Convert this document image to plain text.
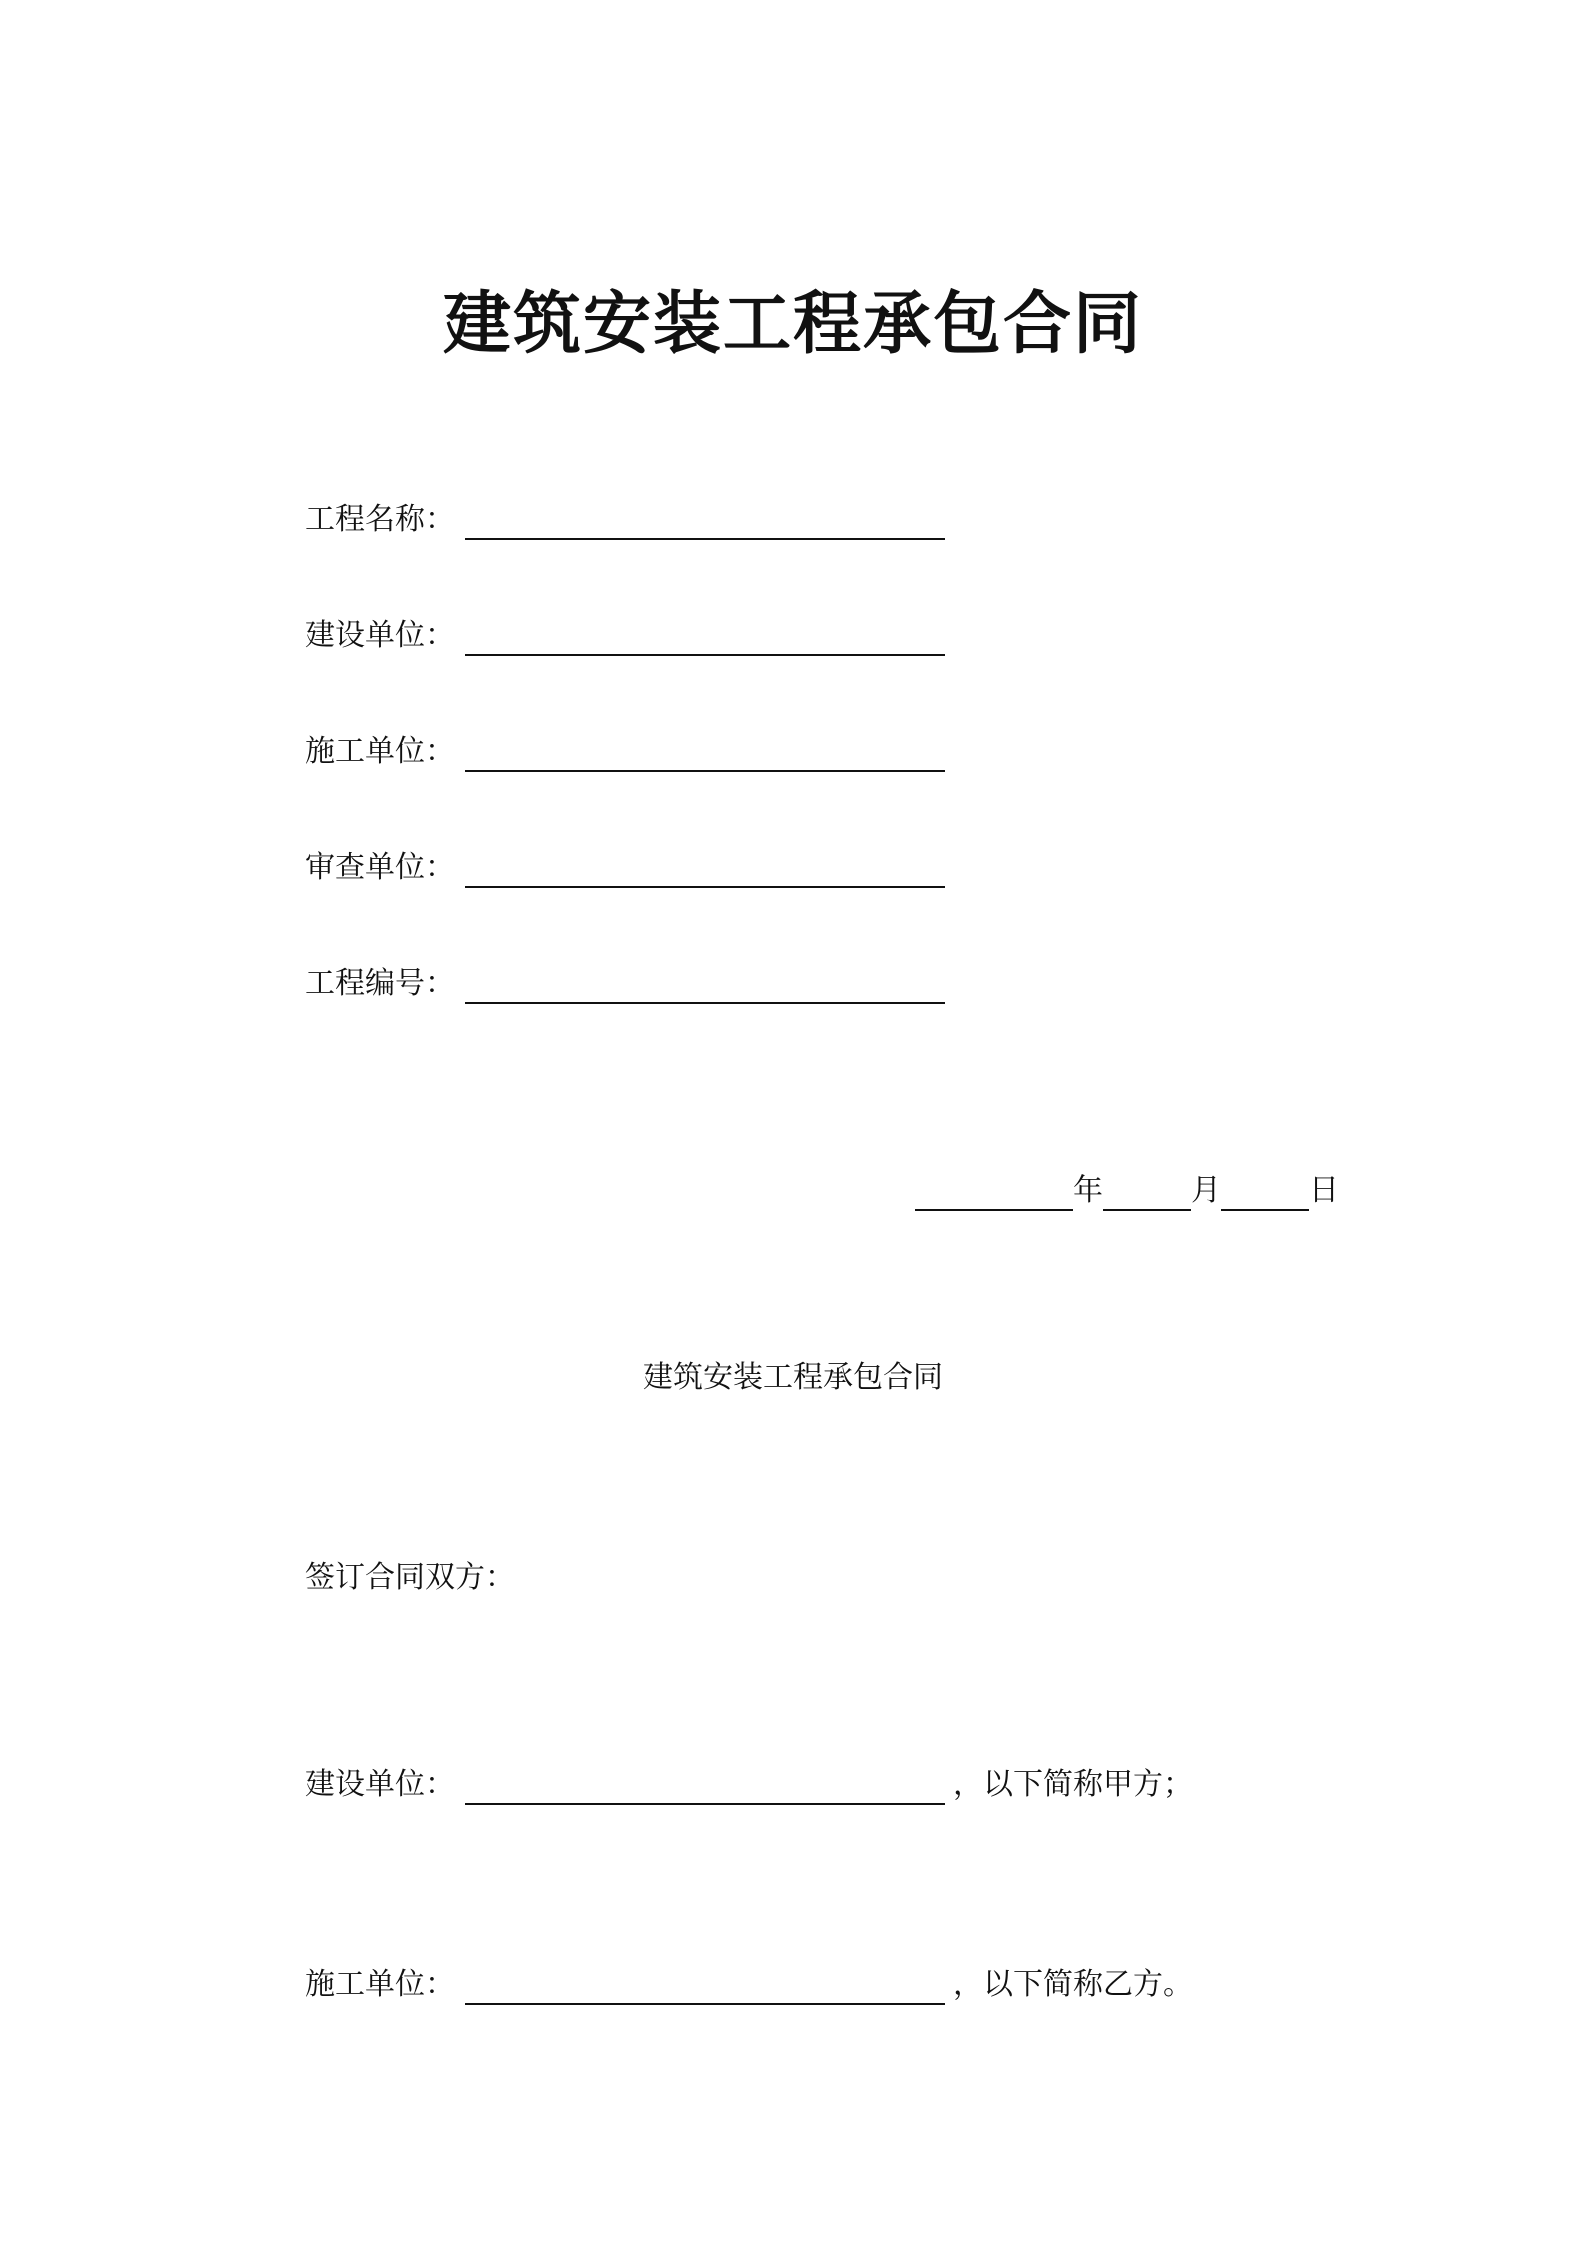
建筑安装工程承包合同
工程名称：
建设单位：
施工单位：
审查单位：
工程编号：
年	月	日
建筑安装工程承包合同
签订合同双方：
建设单位：	，以下简称甲方；
施工单位：	，以下简称乙方。
